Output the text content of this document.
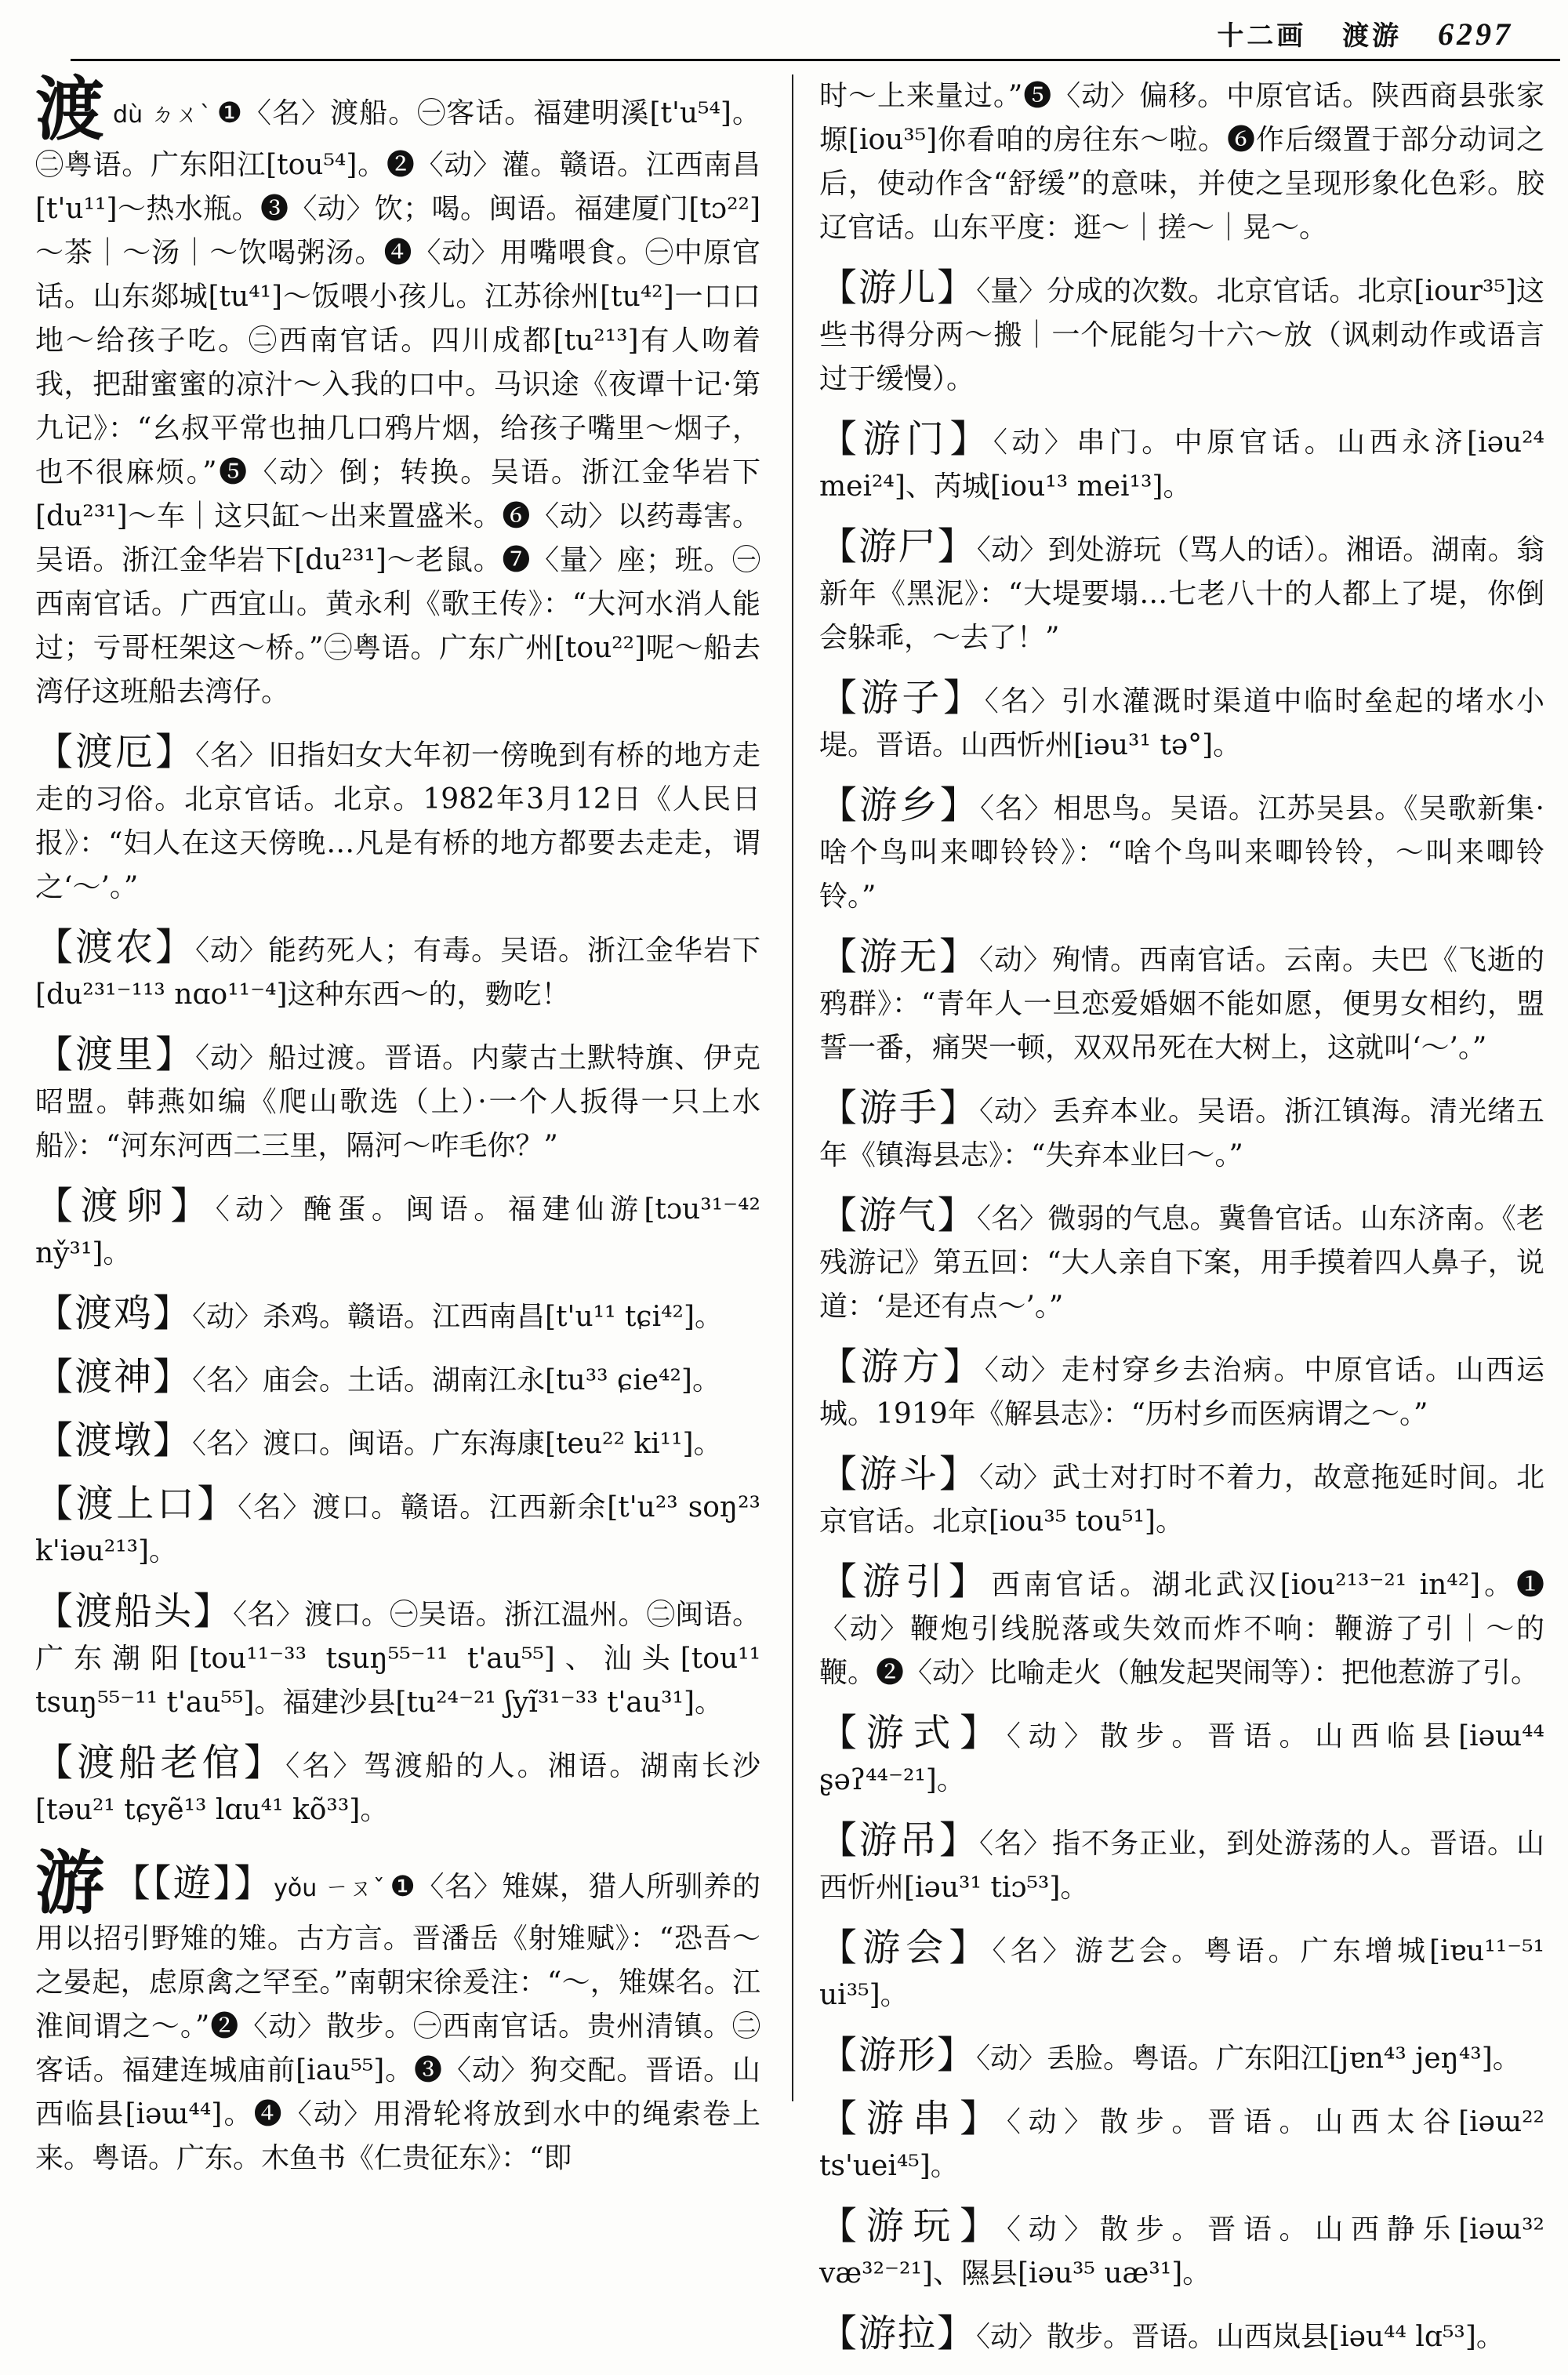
十二画 渡游 6297
渡dù ㄉㄨˋ ❶〈名〉渡船。㊀客话。福建明溪[t'u⁵⁴]。㊁粤语。广东阳江[tou⁵⁴]。❷〈动〉灌。赣语。江西南昌[t'u¹¹]～热水瓶。❸〈动〉饮；喝。闽语。福建厦门[tɔ²²] ～茶｜～汤｜～饮喝粥汤。❹〈动〉用嘴喂食。㊀中原官话。山东郯城[tu⁴¹]～饭喂小孩儿。江苏徐州[tu⁴²]一口口地～给孩子吃。㊁西南官话。四川成都[tu²¹³]有人吻着我，把甜蜜蜜的凉汁～入我的口中。马识途《夜谭十记·第九记》：“幺叔平常也抽几口鸦片烟，给孩子嘴里～烟子，也不很麻烦。”❺〈动〉倒；转换。吴语。浙江金华岩下[du²³¹]～车｜这只缸～出来置盛米。❻〈动〉以药毒害。吴语。浙江金华岩下[du²³¹]～老鼠。❼〈量〉座；班。㊀西南官话。广西宜山。黄永利《歌王传》：“大河水消人能过；亏哥枉架这～桥。”㊁粤语。广东广州[tou²²]呢～船去湾仔这班船去湾仔。
【 渡厄 】 〈名〉旧指妇女大年初一傍晚到有桥的地方走走的习俗。北京官话。北京。1982年3月12日《人民日报》：“妇人在这天傍晚…凡是有桥的地方都要去走走，谓之‘～’。”
【 渡农 】 〈动〉能药死人；有毒。吴语。浙江金华岩下[du²³¹⁻¹¹³ nɑo¹¹⁻⁴]这种东西～的，覅吃！
【 渡里 】 〈动〉船过渡。晋语。内蒙古土默特旗、伊克昭盟。韩燕如编《爬山歌选（上）·一个人扳得一只上水船》：“河东河西二三里，隔河～咋毛你？”
【 渡卵 】 〈动〉醃蛋。闽语。福建仙游[tɔu³¹⁻⁴² ny̌³¹]。
【 渡鸡 】 〈动〉杀鸡。赣语。江西南昌[t'u¹¹ tɕi⁴²]。
【 渡神 】 〈名〉庙会。土话。湖南江永[tu³³ ɕie⁴²]。
【 渡墩 】 〈名〉渡口。闽语。广东海康[teu²² ki¹¹]。
【 渡上口 】 〈名〉渡口。赣语。江西新余[t'u²³ soŋ²³ k'iəu²¹³]。
【 渡船头 】 〈名〉渡口。㊀吴语。浙江温州。㊁闽语。广东潮阳[tou¹¹⁻³³ tsuŋ⁵⁵⁻¹¹ t'au⁵⁵]、汕头[tou¹¹ tsuŋ⁵⁵⁻¹¹ t'au⁵⁵]。福建沙县[tu²⁴⁻²¹ ʃyĩ³¹⁻³³ t'au³¹]。
【 渡船老倌 】 〈名〉驾渡船的人。湘语。湖南长沙[təu²¹ tɕyẽ¹³ lɑu⁴¹ kõ³³]。
游【 【遊】 】 yǒu ㄧㄡˇ ❶〈名〉雉媒，猎人所驯养的用以招引野雉的雉。古方言。晋潘岳《射雉赋》：“恐吾～之晏起，虑原禽之罕至。”南朝宋徐爰注：“～，雉媒名。江淮间谓之～。”❷〈动〉散步。㊀西南官话。贵州清镇。㊁客话。福建连城庙前[iau⁵⁵]。❸〈动〉狗交配。晋语。山西临县[iəɯ⁴⁴]。❹〈动〉用滑轮将放到水中的绳索卷上来。粤语。广东。木鱼书《仁贵征东》：“即
时～上来量过。”❺〈动〉偏移。中原官话。陕西商县张家塬[iou³⁵]你看咱的房往东～啦。❻作后缀置于部分动词之后，使动作含“舒缓”的意味，并使之呈现形象化色彩。胶辽官话。山东平度：逛～｜搓～｜晃～。
【 游儿 】 〈量〉分成的次数。北京官话。北京[iour³⁵]这些书得分两～搬｜一个屁能匀十六～放（讽刺动作或语言过于缓慢）。
【 游门 】 〈动〉串门。中原官话。山西永济[iəu²⁴ mei²⁴]、芮城[iou¹³ mei¹³]。
【 游尸 】 〈动〉到处游玩（骂人的话）。湘语。湖南。翁新年《黑泥》：“大堤要塌…七老八十的人都上了堤，你倒会躲乖，～去了！”
【 游子 】 〈名〉引水灌溉时渠道中临时垒起的堵水小堤。晋语。山西忻州[iəu³¹ tə°]。
【 游乡 】 〈名〉相思鸟。吴语。江苏吴县。《吴歌新集·啥个鸟叫来唧铃铃》：“啥个鸟叫来唧铃铃，～叫来唧铃铃。”
【 游无 】 〈动〉殉情。西南官话。云南。夫巴《飞逝的鸦群》：“青年人一旦恋爱婚姻不能如愿，便男女相约，盟誓一番，痛哭一顿，双双吊死在大树上，这就叫‘～’。”
【 游手 】 〈动〉丢弃本业。吴语。浙江镇海。清光绪五年《镇海县志》：“失弃本业曰～。”
【 游气 】 〈名〉微弱的气息。冀鲁官话。山东济南。《老残游记》第五回：“大人亲自下案，用手摸着四人鼻子，说道：‘是还有点～’。”
【 游方 】 〈动〉走村穿乡去治病。中原官话。山西运城。1919年《解县志》：“历村乡而医病谓之～。”
【 游斗 】 〈动〉武士对打时不着力，故意拖延时间。北京官话。北京[iou³⁵ tou⁵¹]。
【 游引 】 西南官话。湖北武汉[iou²¹³⁻²¹ in⁴²]。❶〈动〉鞭炮引线脱落或失效而炸不响：鞭游了引｜～的鞭。❷〈动〉比喻走火（触发起哭闹等）：把他惹游了引。
【 游式 】 〈动〉散步。晋语。山西临县[iəɯ⁴⁴ ʂəʔ⁴⁴⁻²¹]。
【 游吊 】 〈名〉指不务正业，到处游荡的人。晋语。山西忻州[iəu³¹ tiɔ⁵³]。
【 游会 】 〈名〉游艺会。粤语。广东增城[iɐu¹¹⁻⁵¹ ui³⁵]。
【 游形 】 〈动〉丢脸。粤语。广东阳江[jɐn⁴³ jeŋ⁴³]。
【 游串 】 〈动〉散步。晋语。山西太谷[iəɯ²² ts'uei⁴⁵]。
【 游玩 】 〈动〉散步。晋语。山西静乐[iəɯ³² væ³²⁻²¹]、隰县[iəu³⁵ uæ³¹]。
【 游拉 】 〈动〉散步。晋语。山西岚县[iəu⁴⁴ lɑ⁵³]。
